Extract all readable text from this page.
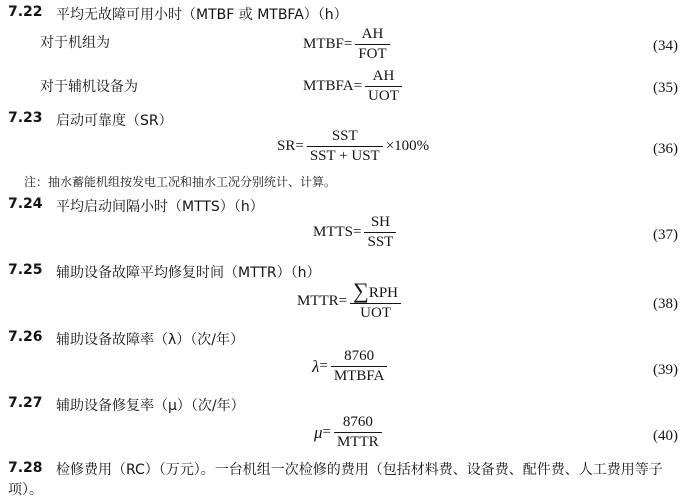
7.22 平均无故障可用小时（MTBF 或 MTBFA）（h）
对于机组为	MTBF = $\frac{AH}{\text{FOT}}$	(34)
对于辅机设备为	MTBFA = $\frac{AH}{\text{UOT}}$	(35)
7.23 启动可靠度（SR）
SR = $\frac{\text{SST}}{\text{SST + UST}} \times 100\%$	(36)
注：抽水蓄能机组按发电工况和抽水工况分别统计、计算。
7.24 平均启动间隔小时（MTTS）（h）
MTTS = $\frac{SH}{\text{SST}}$	(37)
7.25 辅助设备故障平均修复时间（MTTR）（h）
MTTR = $\frac{\text{∑RPH}}{\text{UOT}}$	(38)
7.26 辅助设备故障率（λ）（次/年）
$\lambda = \frac{8760}{\text{MTBFA}}$	(39)
7.27 辅助设备修复率（μ）（次/年）
$\mu = \frac{8760}{\text{MTTR}}$	(40)
7.28 检修费用（RC）（万元）。一台机组一次检修的费用（包括材料费、设备费、配件费、人工费用等子项）。
